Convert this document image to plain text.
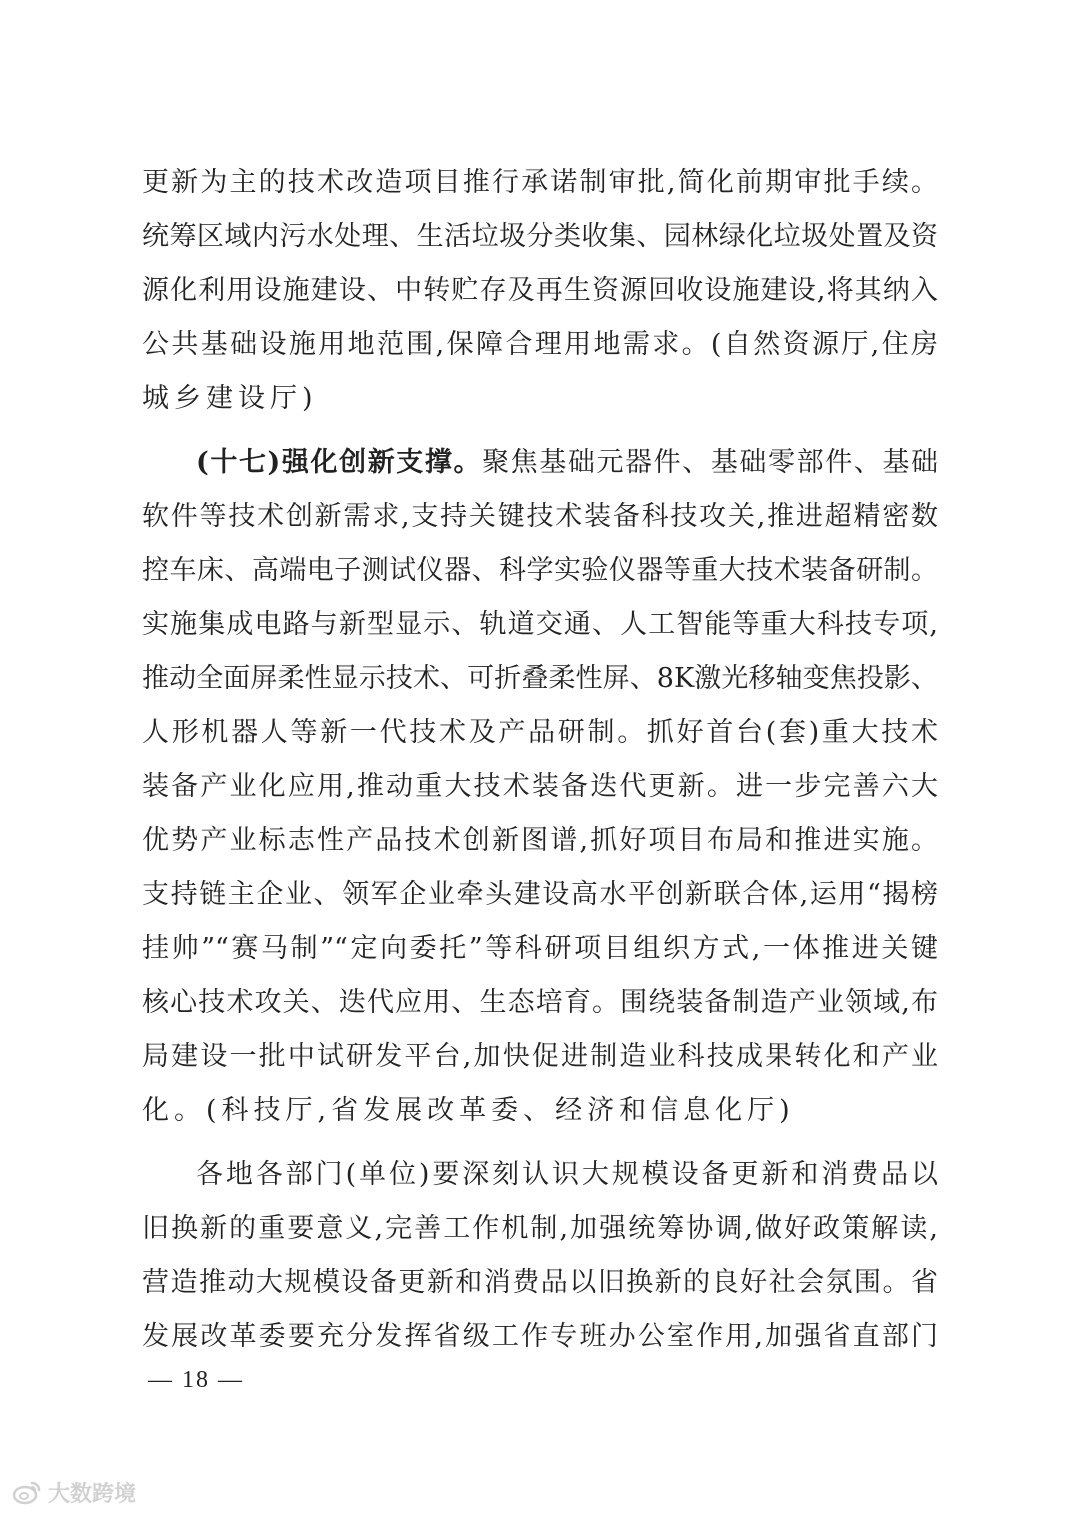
更新为主的技术改造项目推行承诺制审批,简化前期审批手续。
统筹区域内污水处理、生活垃圾分类收集、园林绿化垃圾处置及资
源化利用设施建设、中转贮存及再生资源回收设施建设,将其纳入
公共基础设施用地范围,保障合理用地需求。(自然资源厅,住房
城乡建设厅)
(十七)强化创新支撑。聚焦基础元器件、基础零部件、基础
软件等技术创新需求,支持关键技术装备科技攻关,推进超精密数
控车床、高端电子测试仪器、科学实验仪器等重大技术装备研制。
实施集成电路与新型显示、轨道交通、人工智能等重大科技专项,
推动全面屏柔性显示技术、可折叠柔性屏、8K激光移轴变焦投影、
人形机器人等新一代技术及产品研制。抓好首台(套)重大技术
装备产业化应用,推动重大技术装备迭代更新。进一步完善六大
优势产业标志性产品技术创新图谱,抓好项目布局和推进实施。
支持链主企业、领军企业牵头建设高水平创新联合体,运用“揭榜
挂帅”“赛马制”“定向委托”等科研项目组织方式,一体推进关键
核心技术攻关、迭代应用、生态培育。围绕装备制造产业领域,布
局建设一批中试研发平台,加快促进制造业科技成果转化和产业
化。(科技厅,省发展改革委、经济和信息化厅)
各地各部门(单位)要深刻认识大规模设备更新和消费品以
旧换新的重要意义,完善工作机制,加强统筹协调,做好政策解读,
营造推动大规模设备更新和消费品以旧换新的良好社会氛围。省
发展改革委要充分发挥省级工作专班办公室作用,加强省直部门
— 18 —
大数跨境
